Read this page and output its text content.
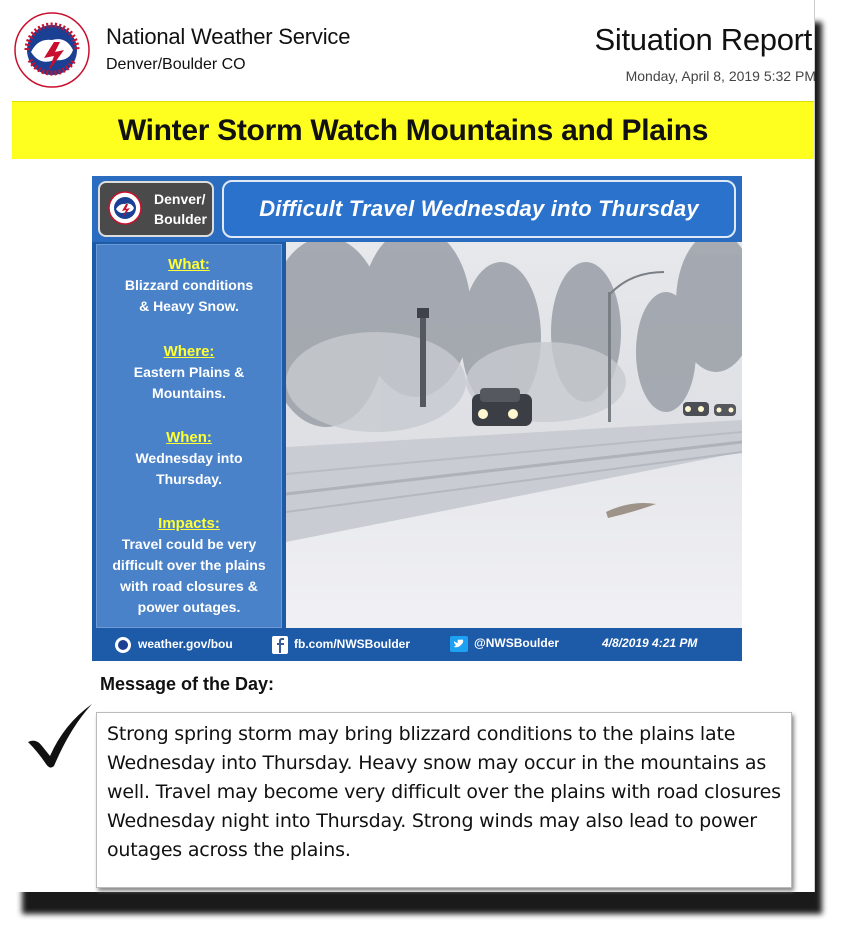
National Weather Service
Denver/Boulder CO
Situation Report
Monday, April 8, 2019 5:32 PM
Winter Storm Watch Mountains and Plains
Denver/
Boulder	Difficult Travel Wednesday into Thursday
What:
Blizzard conditions & Heavy Snow.
Where:
Eastern Plains & Mountains.
When:
Wednesday into Thursday.
Impacts:
Travel could be very difficult over the plains with road closures & power outages.
weather.gov/bou	fb.com/NWSBoulder	@NWSBoulder	4/8/2019 4:21 PM
Message of the Day:
Strong spring storm may bring blizzard conditions to the plains late Wednesday into Thursday. Heavy snow may occur in the mountains as well. Travel may become very difficult over the plains with road closures Wednesday night into Thursday. Strong winds may also lead to power outages across the plains.
